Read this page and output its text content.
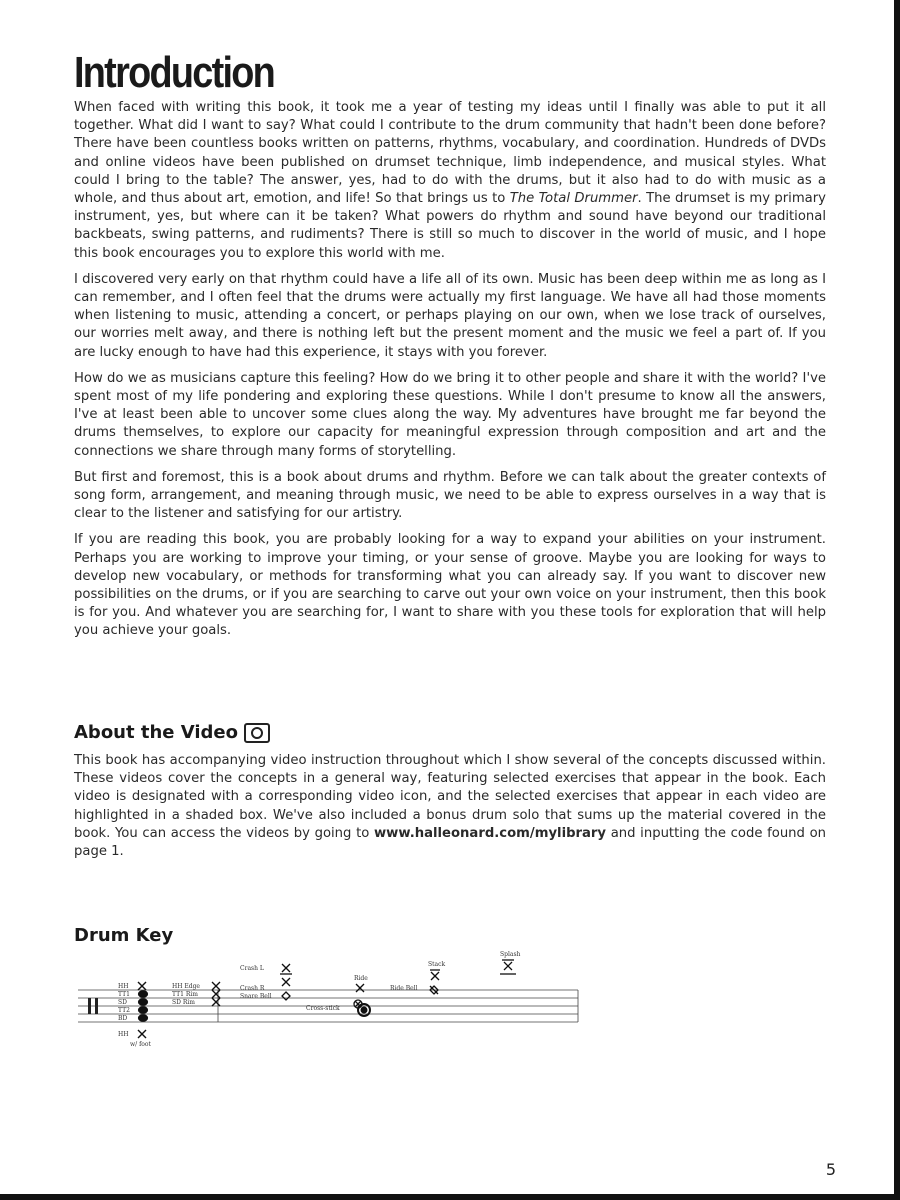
Introduction

When faced with writing this book, it took me a year of testing my ideas until I finally was able to put it all together. What did I want to say? What could I contribute to the drum community that hadn't been done before? There have been countless books written on patterns, rhythms, vocabulary, and coordination. Hundreds of DVDs and online videos have been published on drumset technique, limb independence, and musical styles. What could I bring to the table? The answer, yes, had to do with the drums, but it also had to do with music as a whole, and thus about art, emotion, and life! So that brings us to The Total Drummer. The drumset is my primary instrument, yes, but where can it be taken? What powers do rhythm and sound have beyond our traditional backbeats, swing patterns, and rudiments? There is still so much to discover in the world of music, and I hope this book encourages you to explore this world with me.

I discovered very early on that rhythm could have a life all of its own. Music has been deep within me as long as I can remember, and I often feel that the drums were actually my first language. We have all had those moments when listening to music, attending a concert, or perhaps playing on our own, when we lose track of ourselves, our worries melt away, and there is nothing left but the present moment and the music we feel a part of. If you are lucky enough to have had this experience, it stays with you forever.

How do we as musicians capture this feeling? How do we bring it to other people and share it with the world? I've spent most of my life pondering and exploring these questions. While I don't presume to know all the answers, I've at least been able to uncover some clues along the way. My adventures have brought me far beyond the drums themselves, to explore our capacity for meaningful expression through composition and art and the connections we share through many forms of storytelling.

But first and foremost, this is a book about drums and rhythm. Before we can talk about the greater contexts of song form, arrangement, and meaning through music, we need to be able to express ourselves in a way that is clear to the listener and satisfying for our artistry.

If you are reading this book, you are probably looking for a way to expand your abilities on your instrument. Perhaps you are working to improve your timing, or your sense of groove. Maybe you are looking for ways to develop new vocabulary, or methods for transforming what you can already say. If you want to discover new possibilities on the drums, or if you are searching to carve out your own voice on your instrument, then this book is for you. And whatever you are searching for, I want to share with you these tools for exploration that will help you achieve your goals.

About the Video

This book has accompanying video instruction throughout which I show several of the concepts discussed within. These videos cover the concepts in a general way, featuring selected exercises that appear in the book. Each video is designated with a corresponding video icon, and the selected exercises that appear in each video are highlighted in a shaded box. We've also included a bonus drum solo that sums up the material covered in the book. You can access the videos by going to www.halleonard.com/mylibrary and inputting the code found on page 1.

Drum Key
HH
TT1
SD
TT2
BD
HH
w/ foot
HH Edge
TT1 Rim
SD Rim
Crash L
Crash R
Snare Bell
Cross-stick
Ride
Ride Bell
Stack
Splash
5
